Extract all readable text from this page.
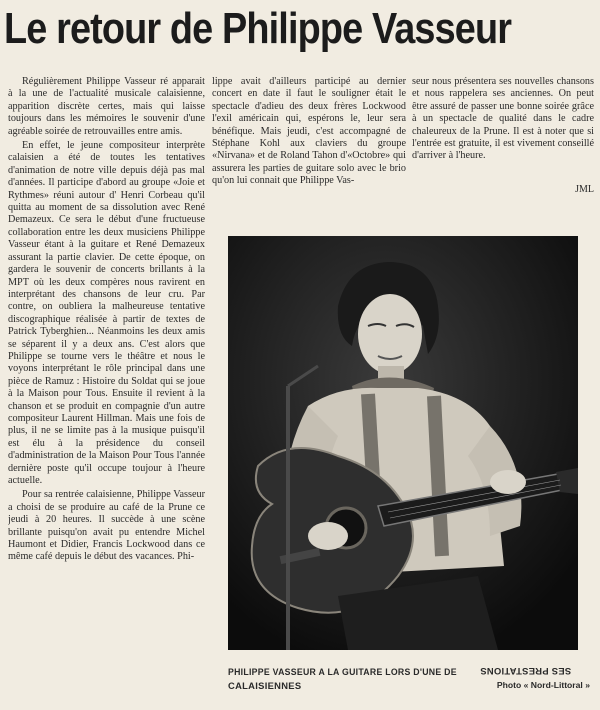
Le retour de Philippe Vasseur

Régulièrement Philippe Vasseur ré apparait à la une de l'actualité musicale calaisienne, apparition discrète certes, mais qui laisse toujours dans les mémoires le souvenir d'une agréable soirée de retrouvailles entre amis.

En effet, le jeune compositeur interprète calaisien a été de toutes les tentatives d'animation de notre ville depuis déjà pas mal d'années. Il participe d'abord au groupe «Joie et Rythmes» réuni autour d' Henri Corbeau qu'il quitta au moment de sa dissolution avec René Demazeux. Ce sera le début d'une fructueuse collaboration entre les deux musiciens Philippe Vasseur étant à la guitare et René Demazeux assurant la partie clavier. De cette époque, on gardera le souvenir de concerts brillants à la MPT où les deux compères nous ravirent en interprétant des chansons de leur cru. Par contre, on oubliera la malheureuse tentative discographique réalisée à partir de textes de Patrick Tyberghien... Néanmoins les deux amis se séparent il y a deux ans. C'est alors que Philippe se tourne vers le théâtre et nous le voyons interprétant le rôle principal dans une pièce de Ramuz : Histoire du Soldat qui se joue à la Maison pour Tous. Ensuite il revient à la chanson et se produit en compagnie d'un autre compositeur Laurent Hillman. Mais une fois de plus, il ne se limite pas à la musique puisqu'il est élu à la présidence du conseil d'administration de la Maison Pour Tous l'année dernière poste qu'il occupe toujour à l'heure actuelle.

Pour sa rentrée calaisienne, Philippe Vasseur a choisi de se produire au café de la Prune ce jeudi à 20 heures. Il succède à une scène brillante puisqu'on avait pu entendre Michel Haumont et Didier, Francis Lockwood dans ce même café depuis le début des vacances. Phi-

lippe avait d'ailleurs participé au dernier concert en date il faut le souligner était le spectacle d'adieu des deux frères Lockwood l'exil américain qui, espérons le, leur sera bénéfique. Mais jeudi, c'est accompagné de Stéphane Kohl aux claviers du groupe «Nirvana» et de Roland Tahon d'«Octobre» qui assurera les parties de guitare solo avec le brio qu'on lui connait que Philippe Vas-

seur nous présentera ses nouvelles chansons et nous rappelera ses anciennes. On peut être assuré de passer une bonne soirée grâce à un spectacle de qualité dans le cadre chaleureux de la Prune. Il est à noter que si l'entrée est gratuite, il est vivement conseillé d'arriver à l'heure.

JML
PHILIPPE VASSEUR A LA GUITARE LORS D'UNE DE SES PRESTATIONS
CALAISIENNES	Photo « Nord-Littoral »
